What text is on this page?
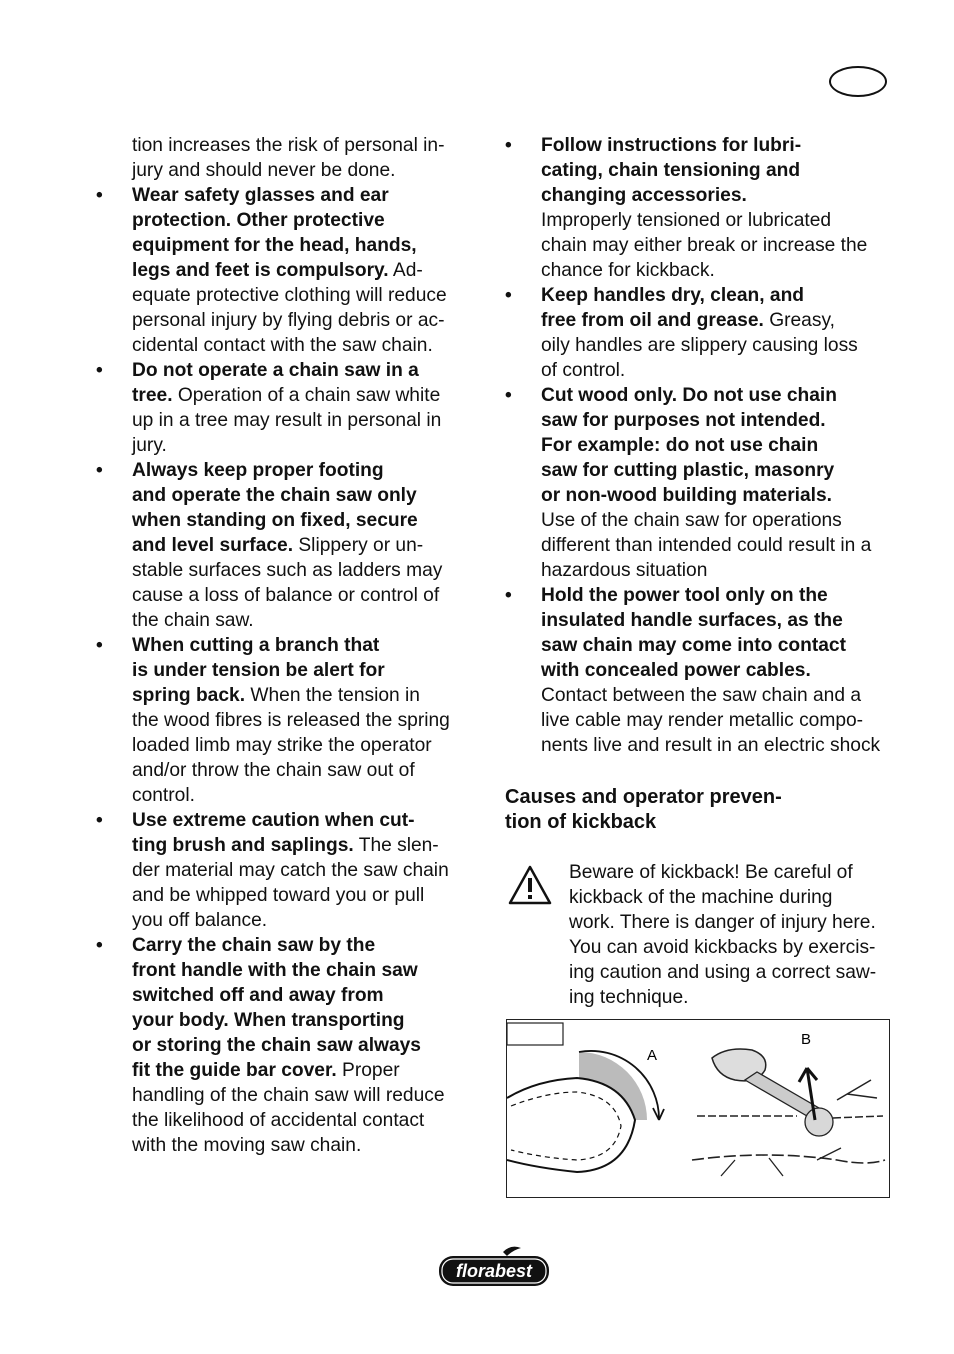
tion increases the risk of personal in-
jury and should never be done.
• Wear safety glasses and ear
protection. Other protective
equipment for the head, hands,
legs and feet is compulsory. Ad-
equate protective clothing will reduce
personal injury by flying debris or ac-
cidental contact with the saw chain.
• Do not operate a chain saw in a
tree. Operation of a chain saw white
up in a tree may result in personal in
jury.
• Always keep proper footing
and operate the chain saw only
when standing on fixed, secure
and level surface. Slippery or un-
stable surfaces such as ladders may
cause a loss of balance or control of
the chain saw.
• When cutting a branch that
is under tension be alert for
spring back. When the tension in
the wood fibres is released the spring
loaded limb may strike the operator
and/or throw the chain saw out of
control.
• Use extreme caution when cut-
ting brush and saplings. The slen-
der material may catch the saw chain
and be whipped toward you or pull
you off balance.
• Carry the chain saw by the
front handle with the chain saw
switched off and away from
your body. When transporting
or storing the chain saw always
fit the guide bar cover. Proper
handling of the chain saw will reduce
the likelihood of accidental contact
with the moving saw chain.
• Follow instructions for lubri-
cating, chain tensioning and
changing accessories.
Improperly tensioned or lubricated
chain may either break or increase the
chance for kickback.
• Keep handles dry, clean, and
free from oil and grease. Greasy,
oily handles are slippery causing loss
of control.
• Cut wood only. Do not use chain
saw for purposes not intended.
For example: do not use chain
saw for cutting plastic, masonry
or non-wood building materials.
Use of the chain saw for operations
different than intended could result in a
hazardous situation
• Hold the power tool only on the
insulated handle surfaces, as the
saw chain may come into contact
with concealed power cables.
Contact between the saw chain and a
live cable may render metallic compo-
nents live and result in an electric shock
Causes and operator preven-
tion of kickback
Beware of kickback! Be careful of
kickback of the machine during
work. There is danger of injury here.
You can avoid kickbacks by exercis-
ing caution and using a correct saw-
ing technique.
A
B
florabest
